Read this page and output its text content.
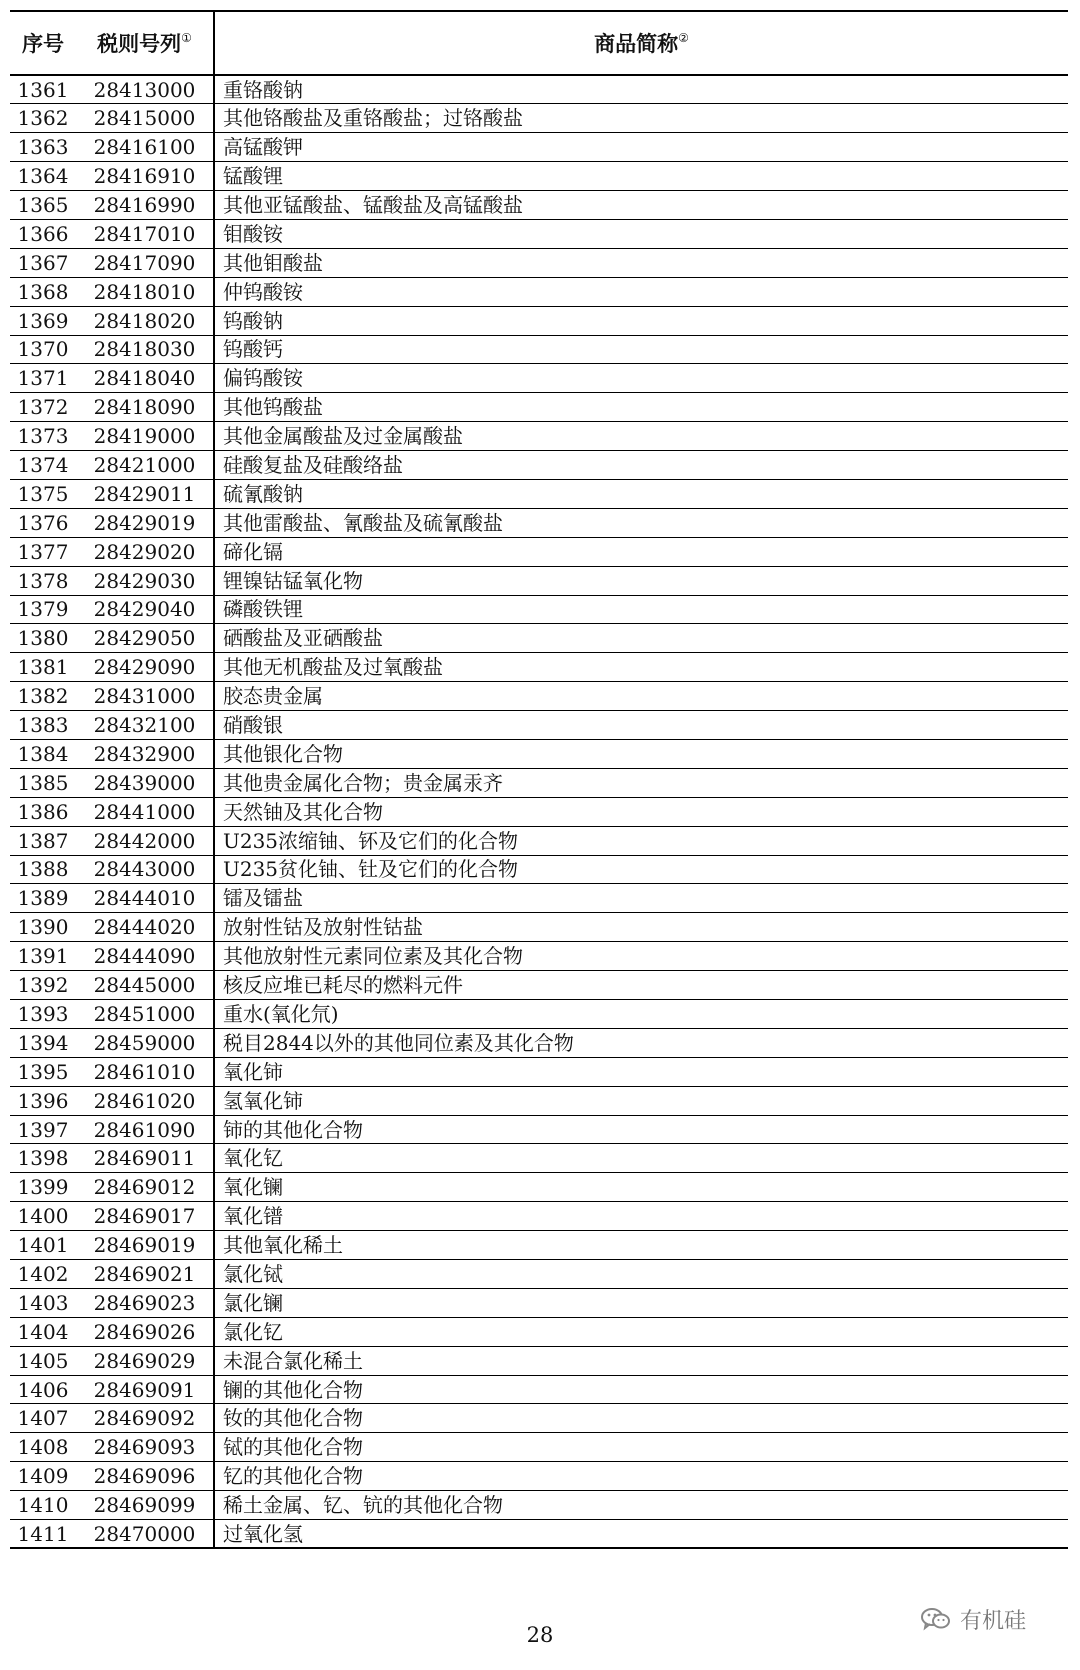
序号	税则号列①	商品简称②
1361	28413000	重铬酸钠
1362	28415000	其他铬酸盐及重铬酸盐；过铬酸盐
1363	28416100	高锰酸钾
1364	28416910	锰酸锂
1365	28416990	其他亚锰酸盐、锰酸盐及高锰酸盐
1366	28417010	钼酸铵
1367	28417090	其他钼酸盐
1368	28418010	仲钨酸铵
1369	28418020	钨酸钠
1370	28418030	钨酸钙
1371	28418040	偏钨酸铵
1372	28418090	其他钨酸盐
1373	28419000	其他金属酸盐及过金属酸盐
1374	28421000	硅酸复盐及硅酸络盐
1375	28429011	硫氰酸钠
1376	28429019	其他雷酸盐、氰酸盐及硫氰酸盐
1377	28429020	碲化镉
1378	28429030	锂镍钴锰氧化物
1379	28429040	磷酸铁锂
1380	28429050	硒酸盐及亚硒酸盐
1381	28429090	其他无机酸盐及过氧酸盐
1382	28431000	胶态贵金属
1383	28432100	硝酸银
1384	28432900	其他银化合物
1385	28439000	其他贵金属化合物；贵金属汞齐
1386	28441000	天然铀及其化合物
1387	28442000	U235浓缩铀、钚及它们的化合物
1388	28443000	U235贫化铀、钍及它们的化合物
1389	28444010	镭及镭盐
1390	28444020	放射性钴及放射性钴盐
1391	28444090	其他放射性元素同位素及其化合物
1392	28445000	核反应堆已耗尽的燃料元件
1393	28451000	重水(氧化氘)
1394	28459000	税目2844以外的其他同位素及其化合物
1395	28461010	氧化铈
1396	28461020	氢氧化铈
1397	28461090	铈的其他化合物
1398	28469011	氧化钇
1399	28469012	氧化镧
1400	28469017	氧化镨
1401	28469019	其他氧化稀土
1402	28469021	氯化铽
1403	28469023	氯化镧
1404	28469026	氯化钇
1405	28469029	未混合氯化稀土
1406	28469091	镧的其他化合物
1407	28469092	钕的其他化合物
1408	28469093	铽的其他化合物
1409	28469096	钇的其他化合物
1410	28469099	稀土金属、钇、钪的其他化合物
1411	28470000	过氧化氢
有机硅
28
